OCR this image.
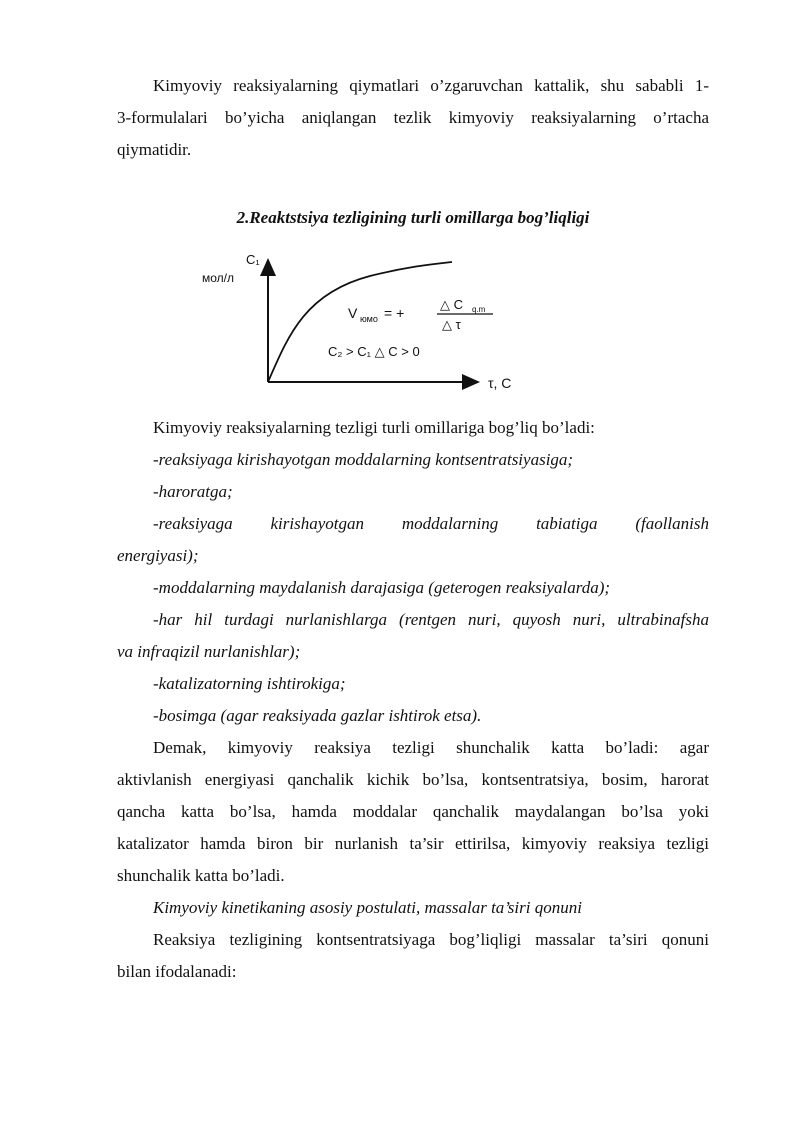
Kimyoviy reaksiyalarning qiymatlari o’zgaruvchan kattalik, shu sababli 1-
3-formulalari bo’yicha aniqlangan tezlik kimyoviy reaksiyalarning o’rtacha
qiymatidir.

2.Reaktstsiya tezligining turli omillarga bog’liqligi

C₁
мол/л
V юмо = +
△ C q.m
△ τ
C₂ > C₁ △ C > 0
τ, C
Kimyoviy reaksiyalarning tezligi turli omillariga bog’liq bo’ladi:
-reaksiyaga kirishayotgan moddalarning kontsentratsiyasiga;
-haroratga;
-reaksiyaga kirishayotgan moddalarning tabiatiga (faollanish
energiyasi);
-moddalarning maydalanish darajasiga (geterogen reaksiyalarda);
-har hil turdagi nurlanishlarga (rentgen nuri, quyosh nuri, ultrabinafsha
va infraqizil nurlanishlar);
-katalizatorning ishtirokiga;
-bosimga (agar reaksiyada gazlar ishtirok etsa).
Demak, kimyoviy reaksiya tezligi shunchalik katta bo’ladi: agar
aktivlanish energiyasi qanchalik kichik bo’lsa, kontsentratsiya, bosim, harorat
qancha katta bo’lsa, hamda moddalar qanchalik maydalangan bo’lsa yoki
katalizator hamda biron bir nurlanish ta’sir ettirilsa, kimyoviy reaksiya tezligi
shunchalik katta bo’ladi.
Kimyoviy kinetikaning asosiy postulati, massalar ta’siri qonuni
Reaksiya tezligining kontsentratsiyaga bog’liqligi massalar ta’siri qonuni
bilan ifodalanadi:
